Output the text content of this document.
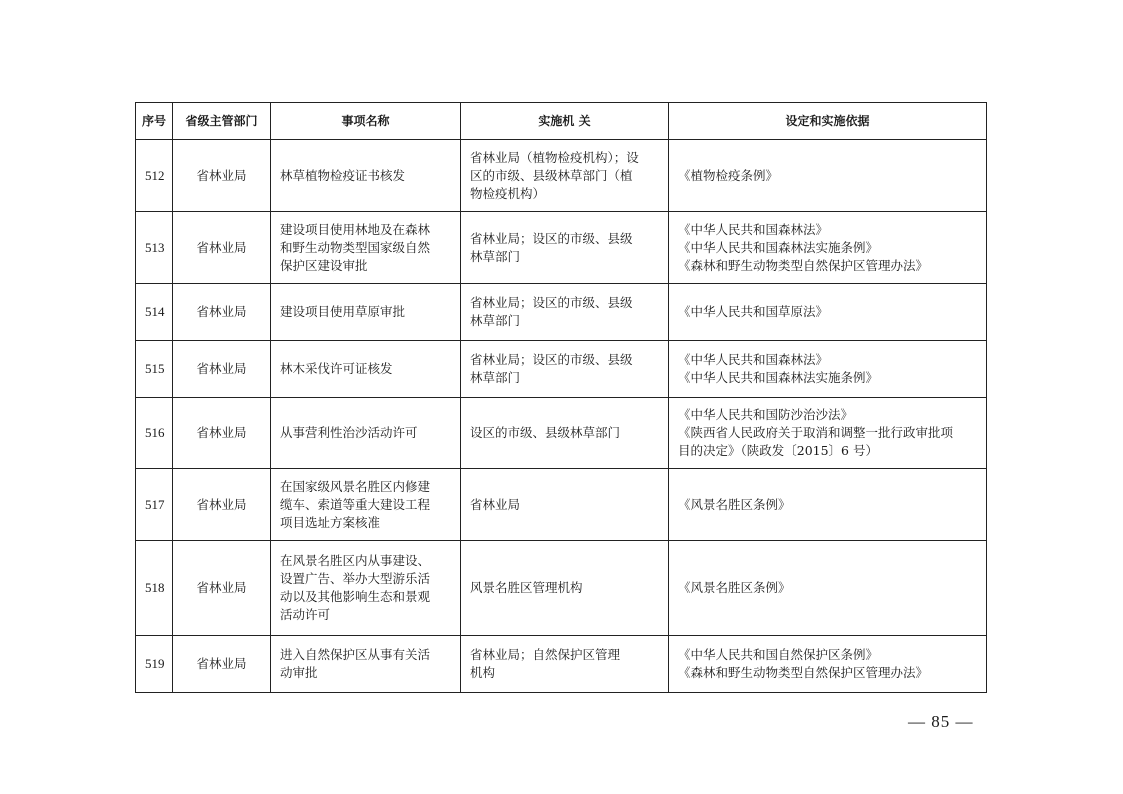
序号	省级主管部门	事项名称	实施机 关	设定和实施依据
512	省林业局	林草植物检疫证书核发	省林业局（植物检疫机构）；设
区的市级、县级林草部门（植
物检疫机构）	《植物检疫条例》

513	省林业局	建设项目使用林地及在森林
和野生动物类型国家级自然
保护区建设审批	省林业局；设区的市级、县级
林草部门	《中华人民共和国森林法》
《中华人民共和国森林法实施条例》
《森林和野生动物类型自然保护区管理办法》

514	省林业局	建设项目使用草原审批	省林业局；设区的市级、县级
林草部门	《中华人民共和国草原法》

515	省林业局	林木采伐许可证核发	省林业局；设区的市级、县级
林草部门	《中华人民共和国森林法》
《中华人民共和国森林法实施条例》

516	省林业局	从事营利性治沙活动许可	设区的市级、县级林草部门	《中华人民共和国防沙治沙法》
《陕西省人民政府关于取消和调整一批行政审批项
目的决定》（陕政发〔2015〕6 号）

517	省林业局	在国家级风景名胜区内修建
缆车、索道等重大建设工程
项目选址方案核准	省林业局	《风景名胜区条例》

518	省林业局	在风景名胜区内从事建设、
设置广告、举办大型游乐活
动以及其他影响生态和景观
活动许可	风景名胜区管理机构	《风景名胜区条例》

519	省林业局	进入自然保护区从事有关活
动审批	省林业局；自然保护区管理
机构	《中华人民共和国自然保护区条例》
《森林和野生动物类型自然保护区管理办法》
— 85 —
